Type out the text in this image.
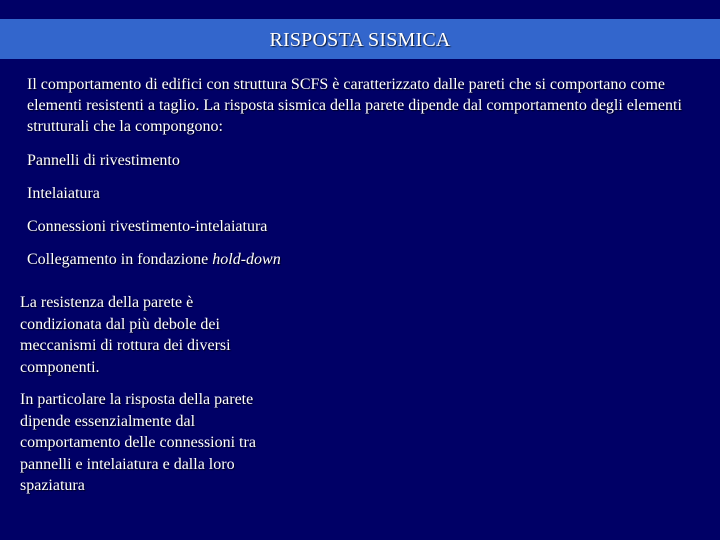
RISPOSTA SISMICA
Il comportamento di edifici con struttura SCFS è caratterizzato dalle pareti che si comportano come elementi resistenti a taglio. La risposta sismica della parete dipende dal comportamento degli elementi strutturali che la compongono:
Pannelli di rivestimento
Intelaiatura
Connessioni rivestimento-intelaiatura
Collegamento in fondazione hold-down
La resistenza della parete è condizionata dal più debole dei meccanismi di rottura dei diversi componenti.
In particolare la risposta della parete dipende essenzialmente dal comportamento delle connessioni tra pannelli e intelaiatura e dalla loro spaziatura
